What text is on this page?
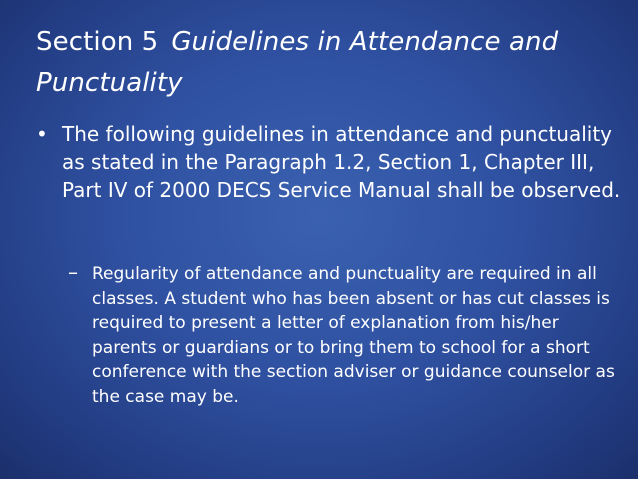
Section 5 Guidelines in Attendance and Punctuality
• The following guidelines in attendance and punctuality as stated in the Paragraph 1.2, Section 1, Chapter III, Part IV of 2000 DECS Service Manual shall be observed.
– Regularity of attendance and punctuality are required in all classes. A student who has been absent or has cut classes is required to present a letter of explanation from his/her parents or guardians or to bring them to school for a short conference with the section adviser or guidance counselor as the case may be.
